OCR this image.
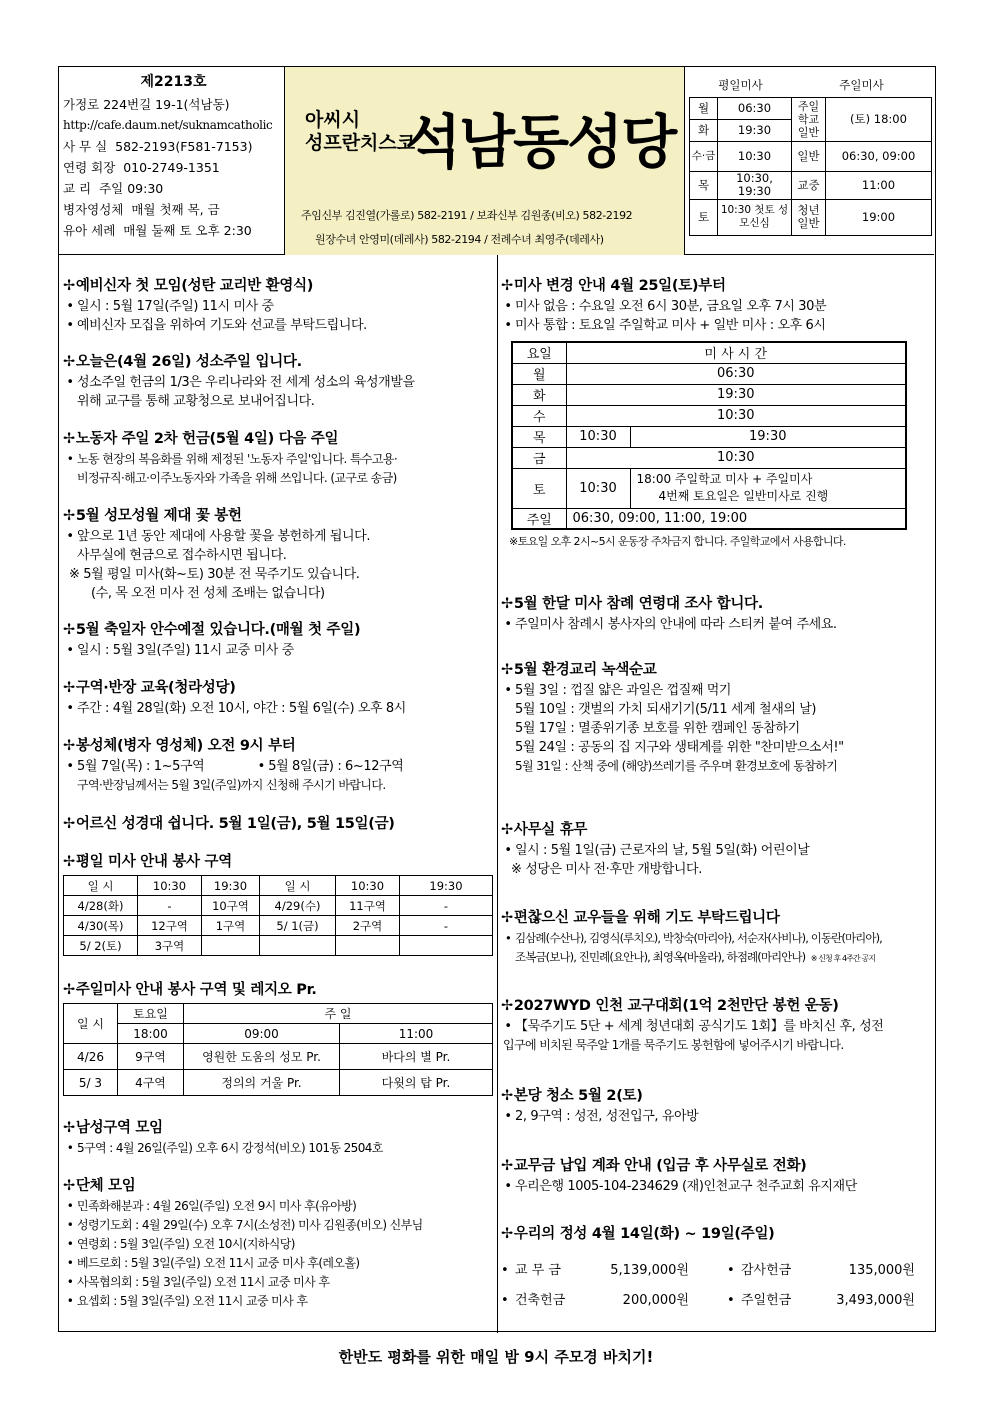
제2213호
가정로 224번길 19-1(석남동)
http://cafe.daum.net/suknamcatholic
사 무 실 582-2193(F581-7153)
연령 회장 010-2749-1351
교 리 주일 09:30
병자영성체 매월 첫째 목, 금
유아 세례 매월 둘째 토 오후 2:30
아씨시
성프란치스코
석남동성당
주임신부 김진열(가롤로) 582-2191 / 보좌신부 김원종(비오) 582-2192
원장수녀 안영미(데레사) 582-2194 / 전례수녀 최영주(데레사)
평일미사		주일미사	
월	06:30	주일학교 일반	(토) 18:00
화	19:30		
수·금	10:30	일반	06:30, 09:00
목	10:30, 19:30	교중	11:00
토	10:30 첫토 성모신심	청년 일반	19:00
✢예비신자 첫 모임(성탄 교리반 환영식)
• 일시 : 5월 17일(주일) 11시 미사 중
• 예비신자 모집을 위하여 기도와 선교를 부탁드립니다.
✢오늘은(4월 26일) 성소주일 입니다.
• 성소주일 헌금의 1/3은 우리나라와 전 세계 성소의 육성개발을
위해 교구를 통해 교황청으로 보내어집니다.
✢노동자 주일 2차 헌금(5월 4일) 다음 주일
• 노동 현장의 복음화를 위해 제정된 '노동자 주일'입니다. 특수고용·
비정규직·해고·이주노동자와 가족을 위해 쓰입니다. (교구로 송금)
✢5월 성모성월 제대 꽃 봉헌
• 앞으로 1년 동안 제대에 사용할 꽃을 봉헌하게 됩니다.
사무실에 현금으로 접수하시면 됩니다.
※ 5월 평일 미사(화~토) 30분 전 묵주기도 있습니다.
(수, 목 오전 미사 전 성체 조배는 없습니다)
✢5월 축일자 안수예절 있습니다.(매월 첫 주일)
• 일시 : 5월 3일(주일) 11시 교중 미사 중
✢구역·반장 교육(청라성당)
• 주간 : 4월 28일(화) 오전 10시, 야간 : 5월 6일(수) 오후 8시
✢봉성체(병자 영성체) 오전 9시 부터
• 5월 7일(목) : 1~5구역	• 5월 8일(금) : 6~12구역
구역·반장님께서는 5월 3일(주일)까지 신청해 주시기 바랍니다.
✢어르신 성경대 쉽니다. 5월 1일(금), 5월 15일(금)
✢평일 미사 안내 봉사 구역
일 시	10:30	19:30	일 시	10:30	19:30
4/28(화)	-	10구역	4/29(수)	11구역	-
4/30(목)	12구역	1구역	5/ 1(금)	2구역	-
5/ 2(토)	3구역				
✢주일미사 안내 봉사 구역 및 레지오 Pr.
일 시	토요일	주 일	
	18:00	09:00	11:00
4/26	9구역	영원한 도움의 성모 Pr.	바다의 별 Pr.
5/ 3	4구역	정의의 거울 Pr.	다윗의 탑 Pr.
✢남성구역 모임
• 5구역 : 4월 26일(주일) 오후 6시 강정석(비오) 101동 2504호
✢단체 모임
• 민족화해분과 : 4월 26일(주일) 오전 9시 미사 후(유아방)
• 성령기도회 : 4월 29일(수) 오후 7시(소성전) 미사 김원종(비오) 신부님
• 연령회 : 5월 3일(주일) 오전 10시(지하식당)
• 베드로회 : 5월 3일(주일) 오전 11시 교중 미사 후(레오홀)
• 사목협의회 : 5월 3일(주일) 오전 11시 교중 미사 후
• 요셉회 : 5월 3일(주일) 오전 11시 교중 미사 후
✢미사 변경 안내 4월 25일(토)부터
• 미사 없음 : 수요일 오전 6시 30분, 금요일 오후 7시 30분
• 미사 통합 : 토요일 주일학교 미사 + 일반 미사 : 오후 6시
요일	미 사 시 간	
월	06:30	
화	19:30	
수	10:30	
목	10:30	19:30
금	10:30	
토	10:30	18:00 주일학교 미사 + 주일미사
4번째 토요일은 일반미사로 진행

주일	06:30, 09:00, 11:00, 19:00	
※토요일 오후 2시~5시 운동장 주차금지 합니다. 주일학교에서 사용합니다.
✢5월 한달 미사 참례 연령대 조사 합니다.
• 주일미사 참례시 봉사자의 안내에 따라 스티커 붙여 주세요.
✢5월 환경교리 녹색순교
• 5월 3일 : 껍질 얇은 과일은 껍질째 먹기
5월 10일 : 갯벌의 가치 되새기기(5/11 세계 철새의 날)
5월 17일 : 멸종위기종 보호를 위한 캠페인 동참하기
5월 24일 : 공동의 집 지구와 생태계를 위한 "찬미받으소서!"
5월 31일 : 산책 중에 (해양)쓰레기를 주우며 환경보호에 동참하기
✢사무실 휴무
• 일시 : 5월 1일(금) 근로자의 날, 5월 5일(화) 어린이날
※ 성당은 미사 전·후만 개방합니다.
✢편찮으신 교우들을 위해 기도 부탁드립니다
• 김삼례(수산나), 김영식(루치오), 박창숙(마리아), 서순자(사비나), 이동란(마리아),
조복금(보나), 진민례(요안나), 최영옥(바울라), 하점례(마리안나) ※ 신청 후 4주간 공지
✢2027WYD 인천 교구대회(1억 2천만단 봉헌 운동)
• 【묵주기도 5단 + 세계 청년대회 공식기도 1회】를 바치신 후, 성전
입구에 비치된 묵주알 1개를 묵주기도 봉헌함에 넣어주시기 바랍니다.
✢본당 청소 5월 2(토)
• 2, 9구역 : 성전, 성전입구, 유아방
✢교무금 납입 계좌 안내 (입금 후 사무실로 전화)
• 우리은행 1005-104-234629 (재)인천교구 천주교회 유지재단
✢우리의 정성 4월 14일(화) ~ 19일(주일)
• 교 무 금	5,139,000원	• 감사헌금	135,000원
• 건축헌금	200,000원	• 주일헌금	3,493,000원
한반도 평화를 위한 매일 밤 9시 주모경 바치기!
